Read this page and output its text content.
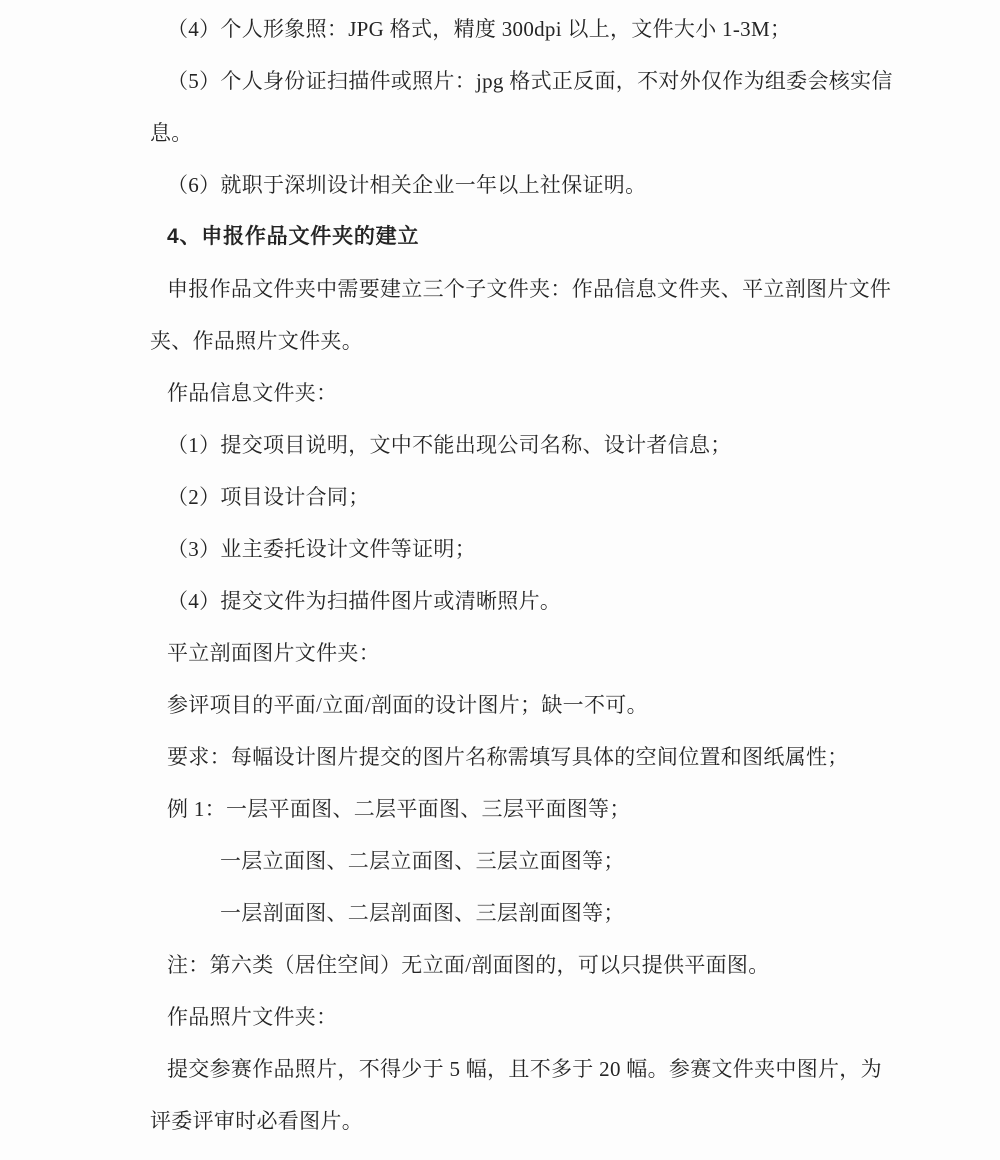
（4）个人形象照：JPG 格式，精度 300dpi 以上，文件大小 1-3M；
（5）个人身份证扫描件或照片：jpg 格式正反面，不对外仅作为组委会核实信
息。
（6）就职于深圳设计相关企业一年以上社保证明。
4、申报作品文件夹的建立
申报作品文件夹中需要建立三个子文件夹：作品信息文件夹、平立剖图片文件
夹、作品照片文件夹。
作品信息文件夹：
（1）提交项目说明，文中不能出现公司名称、设计者信息；
（2）项目设计合同；
（3）业主委托设计文件等证明；
（4）提交文件为扫描件图片或清晰照片。
平立剖面图片文件夹：
参评项目的平面/立面/剖面的设计图片；缺一不可。
要求：每幅设计图片提交的图片名称需填写具体的空间位置和图纸属性；
例 1：一层平面图、二层平面图、三层平面图等；
一层立面图、二层立面图、三层立面图等；
一层剖面图、二层剖面图、三层剖面图等；
注：第六类（居住空间）无立面/剖面图的，可以只提供平面图。
作品照片文件夹：
提交参赛作品照片，不得少于 5 幅，且不多于 20 幅。参赛文件夹中图片，为
评委评审时必看图片。
